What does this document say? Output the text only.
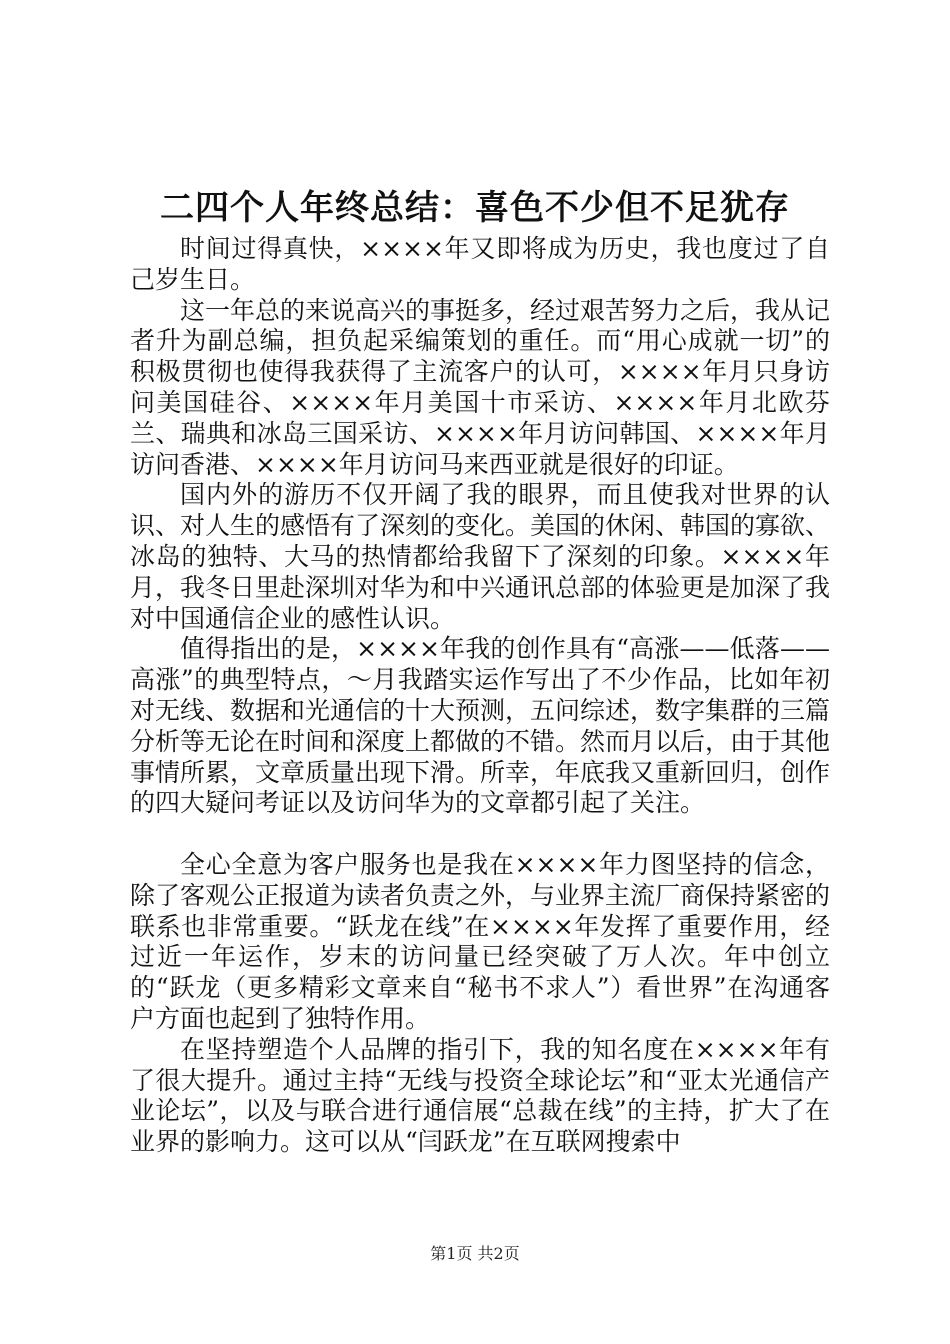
二四个人年终总结：喜色不少但不足犹存

时间过得真快，××××年又即将成为历史，我也度过了自己岁生日。

这一年总的来说高兴的事挺多，经过艰苦努力之后，我从记者升为副总编，担负起采编策划的重任。而“用心成就一切”的积极贯彻也使得我获得了主流客户的认可，××××年月只身访问美国硅谷、××××年月美国十市采访、××××年月北欧芬兰、瑞典和冰岛三国采访、××××年月访问韩国、××××年月访问香港、××××年月访问马来西亚就是很好的印证。

国内外的游历不仅开阔了我的眼界，而且使我对世界的认识、对人生的感悟有了深刻的变化。美国的休闲、韩国的寡欲、冰岛的独特、大马的热情都给我留下了深刻的印象。××××年月，我冬日里赴深圳对华为和中兴通讯总部的体验更是加深了我对中国通信企业的感性认识。

值得指出的是，××××年我的创作具有“高涨——低落——高涨”的典型特点，～月我踏实运作写出了不少作品，比如年初对无线、数据和光通信的十大预测，五问综述，数字集群的三篇分析等无论在时间和深度上都做的不错。然而月以后，由于其他事情所累，文章质量出现下滑。所幸，年底我又重新回归，创作的四大疑问考证以及访问华为的文章都引起了关注。

全心全意为客户服务也是我在××××年力图坚持的信念，除了客观公正报道为读者负责之外，与业界主流厂商保持紧密的联系也非常重要。“跃龙在线”在××××年发挥了重要作用，经过近一年运作，岁末的访问量已经突破了万人次。年中创立的“跃龙（更多精彩文章来自“秘书不求人”）看世界”在沟通客户方面也起到了独特作用。

在坚持塑造个人品牌的指引下，我的知名度在××××年有了很大提升。通过主持“无线与投资全球论坛”和“亚太光通信产业论坛”，以及与联合进行通信展“总裁在线”的主持，扩大了在业界的影响力。这可以从“闫跃龙”在互联网搜索中

第1页 共2页
